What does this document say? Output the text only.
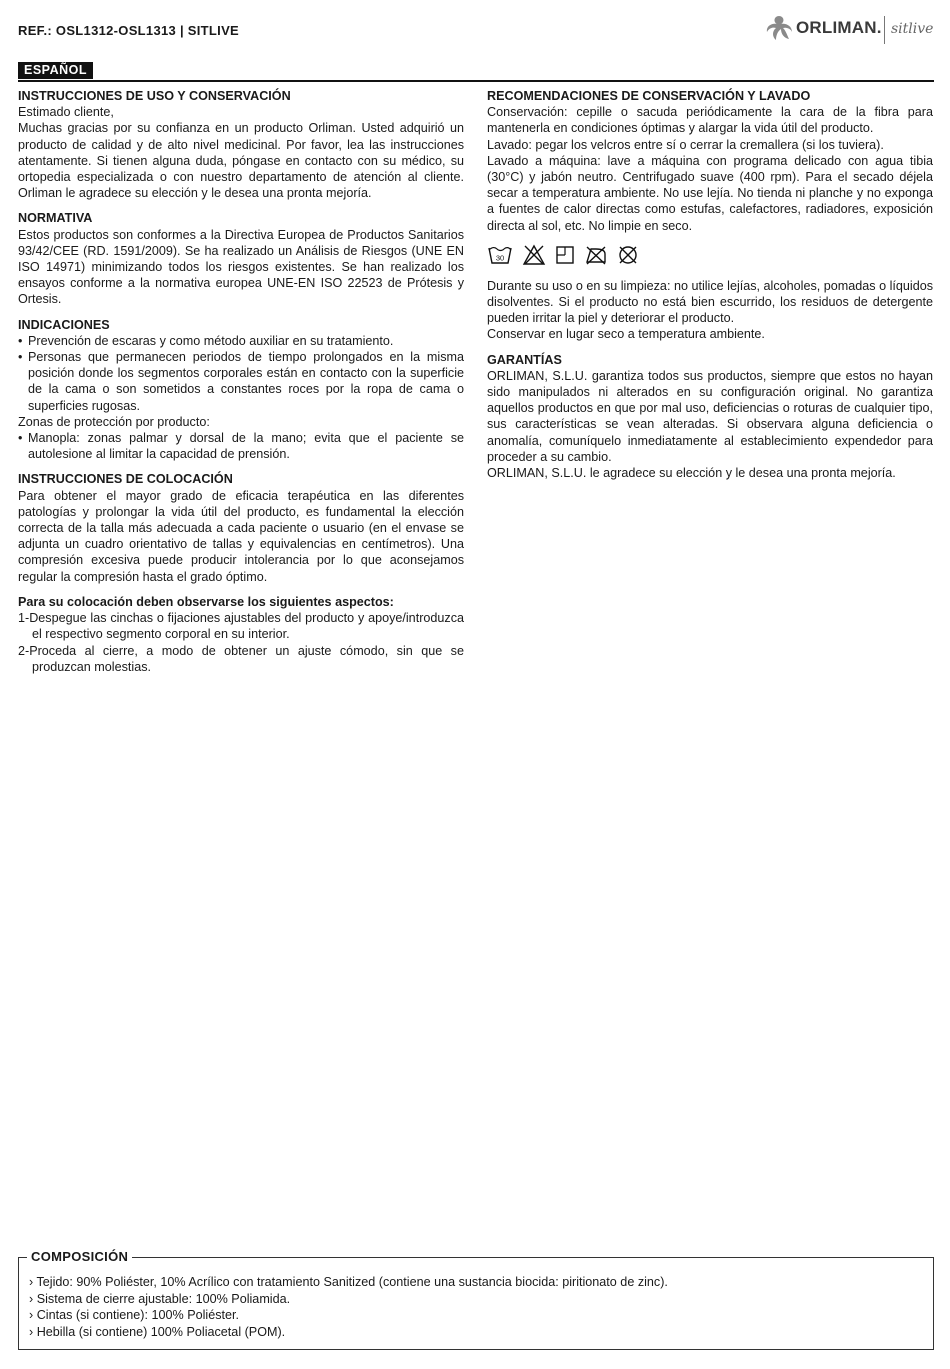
REF.: OSL1312-OSL1313 | SITLIVE	ORLIMAN. sitlive
ESPAÑOL
INSTRUCCIONES DE USO Y CONSERVACIÓN

Estimado cliente,

Muchas gracias por su confianza en un producto Orliman. Usted adquirió un producto de calidad y de alto nivel medicinal. Por favor, lea las instrucciones atentamente. Si tienen alguna duda, póngase en contacto con su médico, su ortopedia especializada o con nuestro departamento de atención al cliente. Orliman le agradece su elección y le desea una pronta mejoría.

NORMATIVA

Estos productos son conformes a la Directiva Europea de Productos Sanitarios 93/42/CEE (RD. 1591/2009). Se ha realizado un Análisis de Riesgos (UNE EN ISO 14971) minimizando todos los riesgos existentes. Se han realizado los ensayos conforme a la normativa europea UNE-EN ISO 22523 de Prótesis y Ortesis.

INDICACIONES
• Prevención de escaras y como método auxiliar en su tratamiento.
• Personas que permanecen periodos de tiempo prolongados en la misma posición donde los segmentos corporales están en contacto con la superficie de la cama o son sometidos a constantes roces por la ropa de cama o superficies rugosas.

Zonas de protección por producto:

• Manopla: zonas palmar y dorsal de la mano; evita que el paciente se autolesione al limitar la capacidad de prensión.
INSTRUCCIONES DE COLOCACIÓN

Para obtener el mayor grado de eficacia terapéutica en las diferentes patologías y prolongar la vida útil del producto, es fundamental la elección correcta de la talla más adecuada a cada paciente o usuario (en el envase se adjunta un cuadro orientativo de tallas y equivalencias en centímetros). Una compresión excesiva puede producir intolerancia por lo que aconsejamos regular la compresión hasta el grado óptimo.

Para su colocación deben observarse los siguientes aspectos:

1-Despegue las cinchas o fijaciones ajustables del producto y apoye/introduzca el respectivo segmento corporal en su interior.
2-Proceda al cierre, a modo de obtener un ajuste cómodo, sin que se produzcan molestias.
RECOMENDACIONES DE CONSERVACIÓN Y LAVADO

Conservación: cepille o sacuda periódicamente la cara de la fibra para mantenerla en condiciones óptimas y alargar la vida útil del producto.

Lavado: pegar los velcros entre sí o cerrar la cremallera (si los tuviera).

Lavado a máquina: lave a máquina con programa delicado con agua tibia (30°C) y jabón neutro. Centrifugado suave (400 rpm). Para el secado déjela secar a temperatura ambiente. No use lejía. No tienda ni planche y no exponga a fuentes de calor directas como estufas, calefactores, radiadores, exposición directa al sol, etc. No limpie en seco.

30

Durante su uso o en su limpieza: no utilice lejías, alcoholes, pomadas o líquidos disolventes. Si el producto no está bien escurrido, los residuos de detergente pueden irritar la piel y deteriorar el producto.

Conservar en lugar seco a temperatura ambiente.

GARANTÍAS

ORLIMAN, S.L.U. garantiza todos sus productos, siempre que estos no hayan sido manipulados ni alterados en su configuración original. No garantiza aquellos productos en que por mal uso, deficiencias o roturas de cualquier tipo, sus características se vean alteradas. Si observara alguna deficiencia o anomalía, comuníquelo inmediatamente al establecimiento expendedor para proceder a su cambio.

ORLIMAN, S.L.U. le agradece su elección y le desea una pronta mejoría.

COMPOSICIÓN
› Tejido: 90% Poliéster, 10% Acrílico con tratamiento Sanitized (contiene una sustancia biocida: piritionato de zinc).
› Sistema de cierre ajustable: 100% Poliamida.
› Cintas (si contiene): 100% Poliéster.
› Hebilla (si contiene) 100% Poliacetal (POM).
